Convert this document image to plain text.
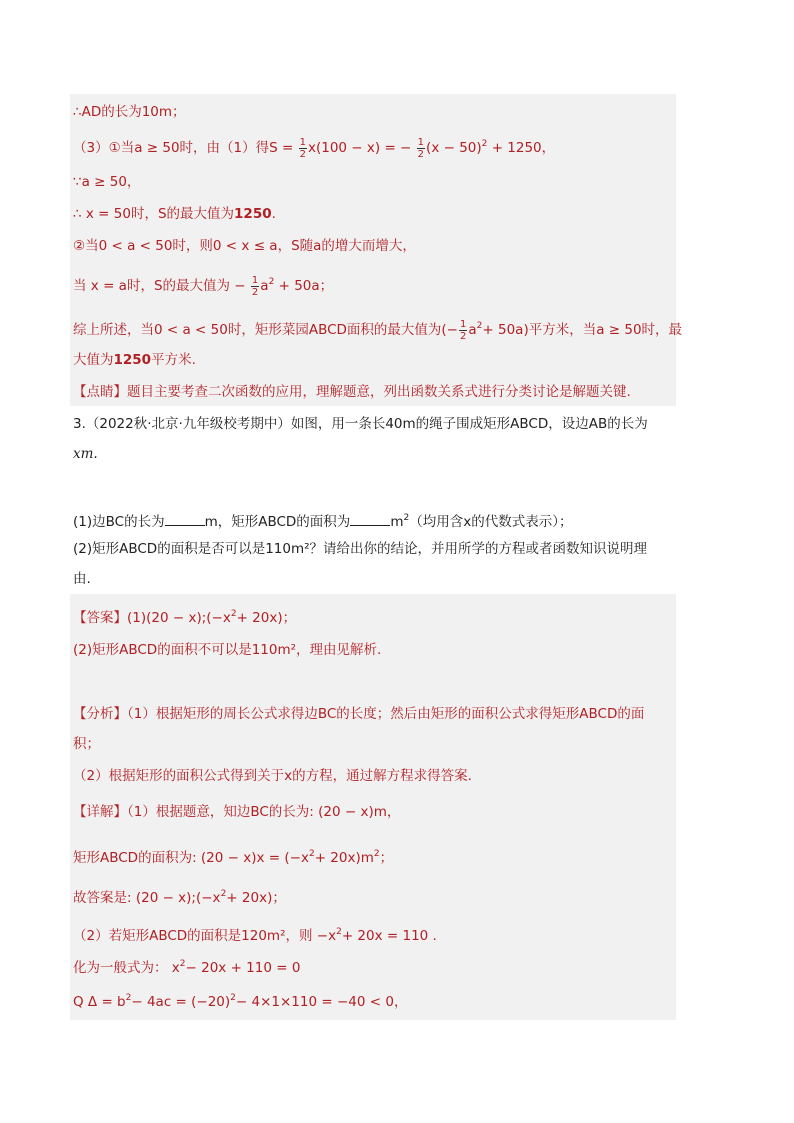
∴AD的长为10m；
（3）①当a ≥ 50时，由（1）得$S = \frac{1}{2} x(100 - x)$ = − $\frac{1}{2} (x - 50)^2 + 1250$，
∵a ≥ 50，
∴ x = 50时，S的最大值为1250.
②当0 < a < 50时，则0 < x ≤ a，S随a的增大而增大，
当 x = a时，S的最大值为 − $\frac{1}{2} a^2 + 50a$；
综上所述，当0 < a < 50时，矩形菜园ABCD面积的最大值为(− $\frac{1}{2} a^2+ 50a$)平方米，当a ≥ 50时，最
大值为1250平方米.
【点睛】题目主要考查二次函数的应用，理解题意，列出函数关系式进行分类讨论是解题关键.
3.（2022秋·北京·九年级校考期中）如图，用一条长40m的绳子围成矩形ABCD，设边AB的长为
xm.
(1)边BC的长为	m，矩形ABCD的面积为	$m^2$（均用含x的代数式表示）；
(2)矩形ABCD的面积是否可以是110m²？请给出你的结论，并用所学的方程或者函数知识说明理
由.
【答案】$(1)(20 - x);(-x^2+ 20x)$；
(2)矩形ABCD的面积不可以是110m²，理由见解析.
【分析】（1）根据矩形的周长公式求得边BC的长度；然后由矩形的面积公式求得矩形ABCD的面
积；
（2）根据矩形的面积公式得到关于x的方程，通过解方程求得答案.
【详解】（1）根据题意，知边BC的长为: (20 − x)m，
矩形ABCD的面积为: $(20 - x)x = (-x^2+ 20x)m^2$；
故答案是: $(20 - x);(-x^2+ 20x)$；
（2）若矩形ABCD的面积是120m²，则 $-x^2+ 20x = 110$ .
化为一般式为： $x^2- 20x + 110 = 0$
Q $\Delta = b^2- 4ac = (-20)^2- 4\times 1\times 110 = -40 < 0$，
